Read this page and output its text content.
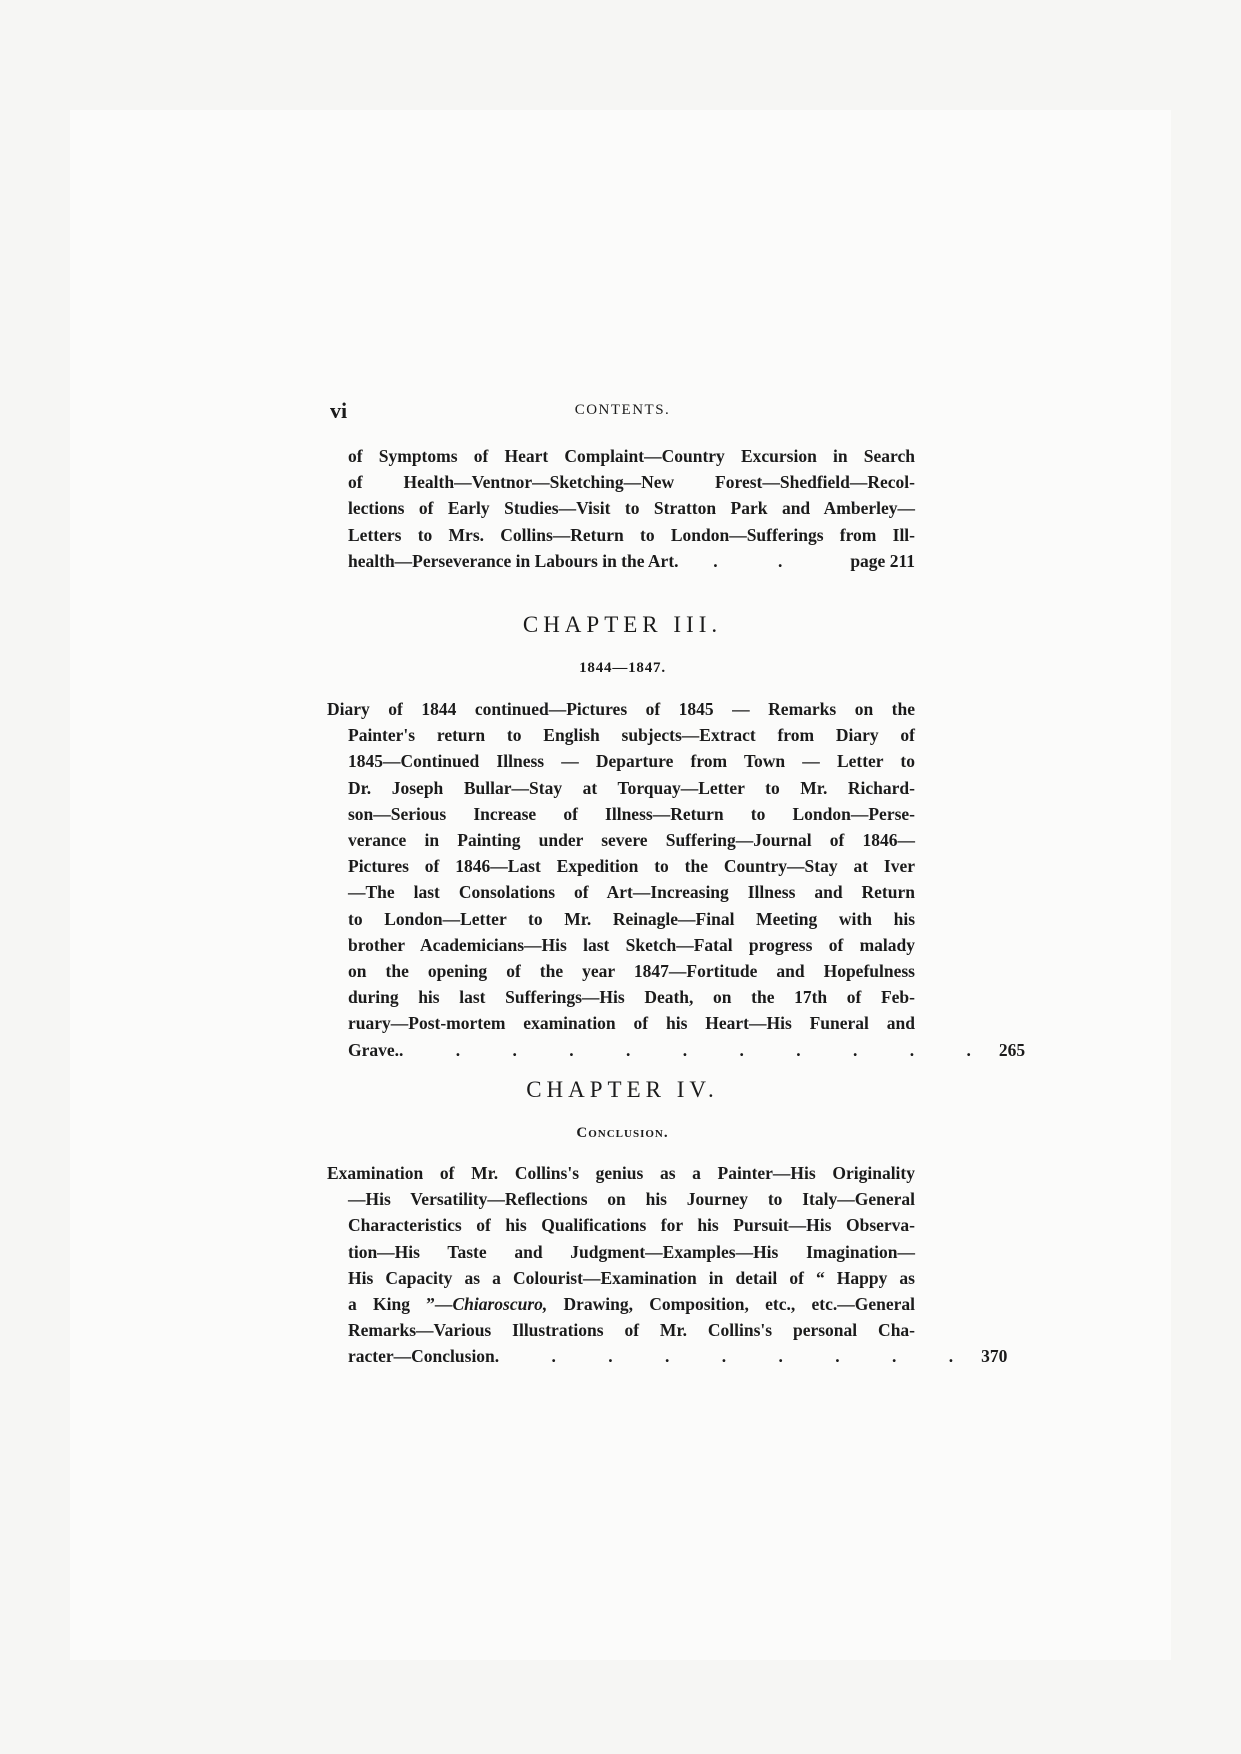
vi	CONTENTS.
of Symptoms of Heart Complaint—Country Excursion in Search
of Health—Ventnor—Sketching—New Forest—Shedfield—Recol-
lections of Early Studies—Visit to Stratton Park and Amberley—
Letters to Mrs. Collins—Return to London—Sufferings from Ill-
health—Perseverance in Labours in the Art. . . page 211
CHAPTER III.
1844—1847.
Diary of 1844 continued—Pictures of 1845 — Remarks on the
Painter's return to English subjects—Extract from Diary of
1845—Continued Illness — Departure from Town — Letter to
Dr. Joseph Bullar—Stay at Torquay—Letter to Mr. Richard-
son—Serious Increase of Illness—Return to London—Perse-
verance in Painting under severe Suffering—Journal of 1846—
Pictures of 1846—Last Expedition to the Country—Stay at Iver
—The last Consolations of Art—Increasing Illness and Return
to London—Letter to Mr. Reinagle—Final Meeting with his
brother Academicians—His last Sketch—Fatal progress of malady
on the opening of the year 1847—Fortitude and Hopefulness
during his last Sufferings—His Death, on the 17th of Feb-
ruary—Post-mortem examination of his Heart—His Funeral and
Grave. . . . . . . . . . . . 265
CHAPTER IV.
Conclusion.
Examination of Mr. Collins's genius as a Painter—His Originality
—His Versatility—Reflections on his Journey to Italy—General
Characteristics of his Qualifications for his Pursuit—His Observa-
tion—His Taste and Judgment—Examples—His Imagination—
His Capacity as a Colourist—Examination in detail of “ Happy as
a King ”—Chiaroscuro, Drawing, Composition, etc., etc.—General
Remarks—Various Illustrations of Mr. Collins's personal Cha-
racter—Conclusion . . . . . . . . . 370
